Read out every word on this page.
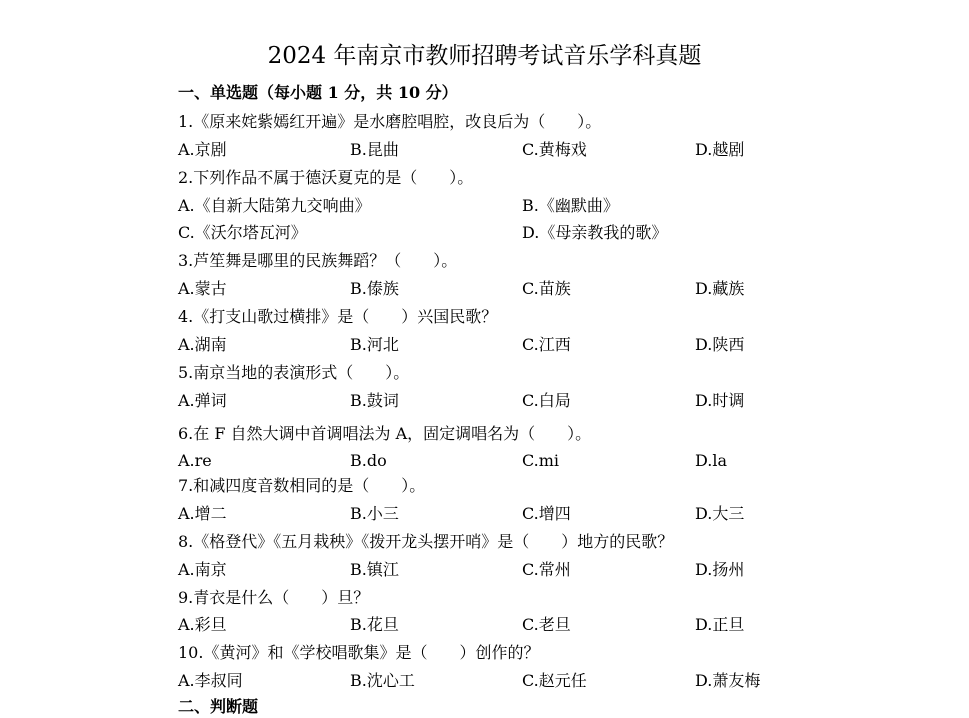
2024 年南京市教师招聘考试音乐学科真题
一、单选题（每小题 1 分，共 10 分）
1.《原来姹紫嫣红开遍》是水磨腔唱腔，改良后为（　　）。
A.京剧	B.昆曲	C.黄梅戏	D.越剧
2.下列作品不属于德沃夏克的是（　　）。
A.《自新大陆第九交响曲》	B.《幽默曲》
C.《沃尔塔瓦河》	D.《母亲教我的歌》
3.芦笙舞是哪里的民族舞蹈？（　　）。
A.蒙古	B.傣族	C.苗族	D.藏族
4.《打支山歌过横排》是（　　）兴国民歌？
A.湖南	B.河北	C.江西	D.陕西
5.南京当地的表演形式（　　）。
A.弹词	B.鼓词	C.白局	D.时调
6.在 F 自然大调中首调唱法为 A，固定调唱名为（　　）。
A.re	B.do	C.mi	D.la
7.和减四度音数相同的是（　　）。
A.增二	B.小三	C.增四	D.大三
8.《格登代》《五月栽秧》《拨开龙头摆开哨》是（　　）地方的民歌？
A.南京	B.镇江	C.常州	D.扬州
9.青衣是什么（　　）旦？
A.彩旦	B.花旦	C.老旦	D.正旦
10.《黄河》和《学校唱歌集》是（　　）创作的？
A.李叔同	B.沈心工	C.赵元任	D.萧友梅
二、判断题
